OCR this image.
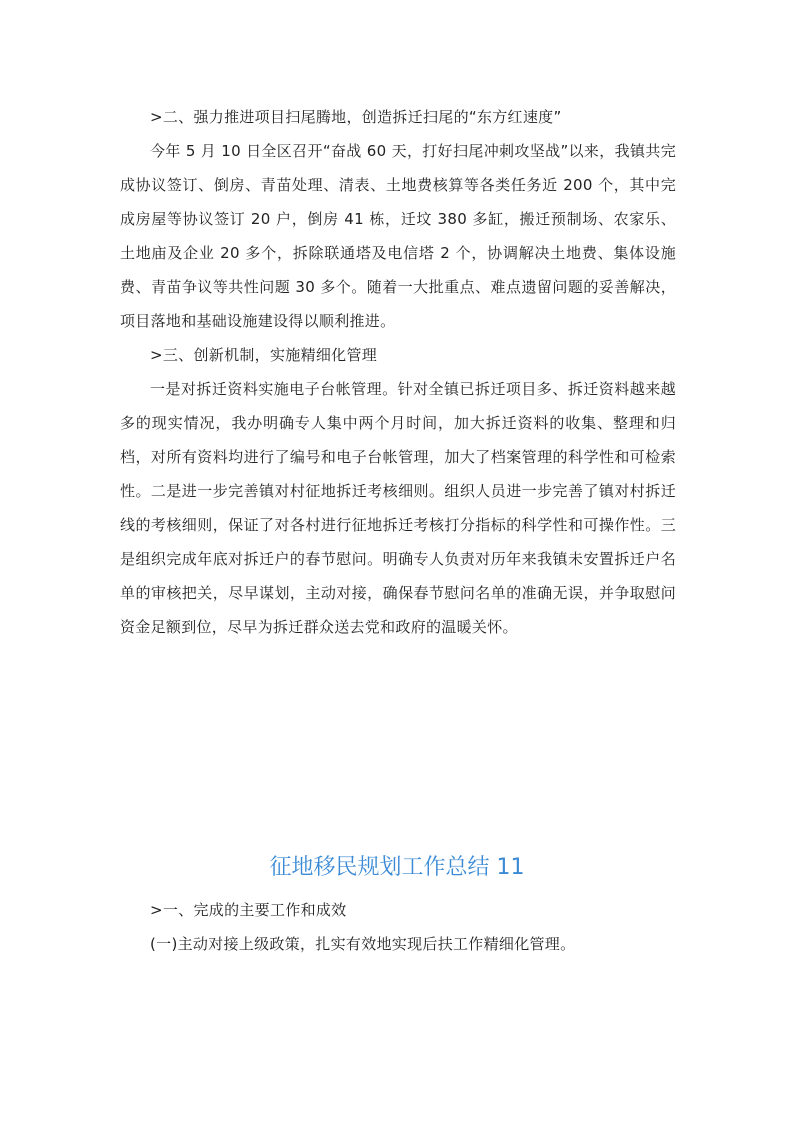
>二、强力推进项目扫尾腾地，创造拆迁扫尾的“东方红速度”

今年 5 月 10 日全区召开“奋战 60 天，打好扫尾冲刺攻坚战”以来，我镇共完成协议签订、倒房、青苗处理、清表、土地费核算等各类任务近 200 个，其中完成房屋等协议签订 20 户，倒房 41 栋，迁坟 380 多缸，搬迁预制场、农家乐、土地庙及企业 20 多个，拆除联通塔及电信塔 2 个，协调解决土地费、集体设施费、青苗争议等共性问题 30 多个。随着一大批重点、难点遗留问题的妥善解决，项目落地和基础设施建设得以顺利推进。

>三、创新机制，实施精细化管理

一是对拆迁资料实施电子台帐管理。针对全镇已拆迁项目多、拆迁资料越来越多的现实情况，我办明确专人集中两个月时间，加大拆迁资料的收集、整理和归档，对所有资料均进行了编号和电子台帐管理，加大了档案管理的科学性和可检索性。二是进一步完善镇对村征地拆迁考核细则。组织人员进一步完善了镇对村拆迁线的考核细则，保证了对各村进行征地拆迁考核打分指标的科学性和可操作性。三是组织完成年底对拆迁户的春节慰问。明确专人负责对历年来我镇未安置拆迁户名单的审核把关，尽早谋划，主动对接，确保春节慰问名单的准确无误，并争取慰问资金足额到位，尽早为拆迁群众送去党和政府的温暖关怀。

征地移民规划工作总结 11

>一、完成的主要工作和成效

(一)主动对接上级政策，扎实有效地实现后扶工作精细化管理。
